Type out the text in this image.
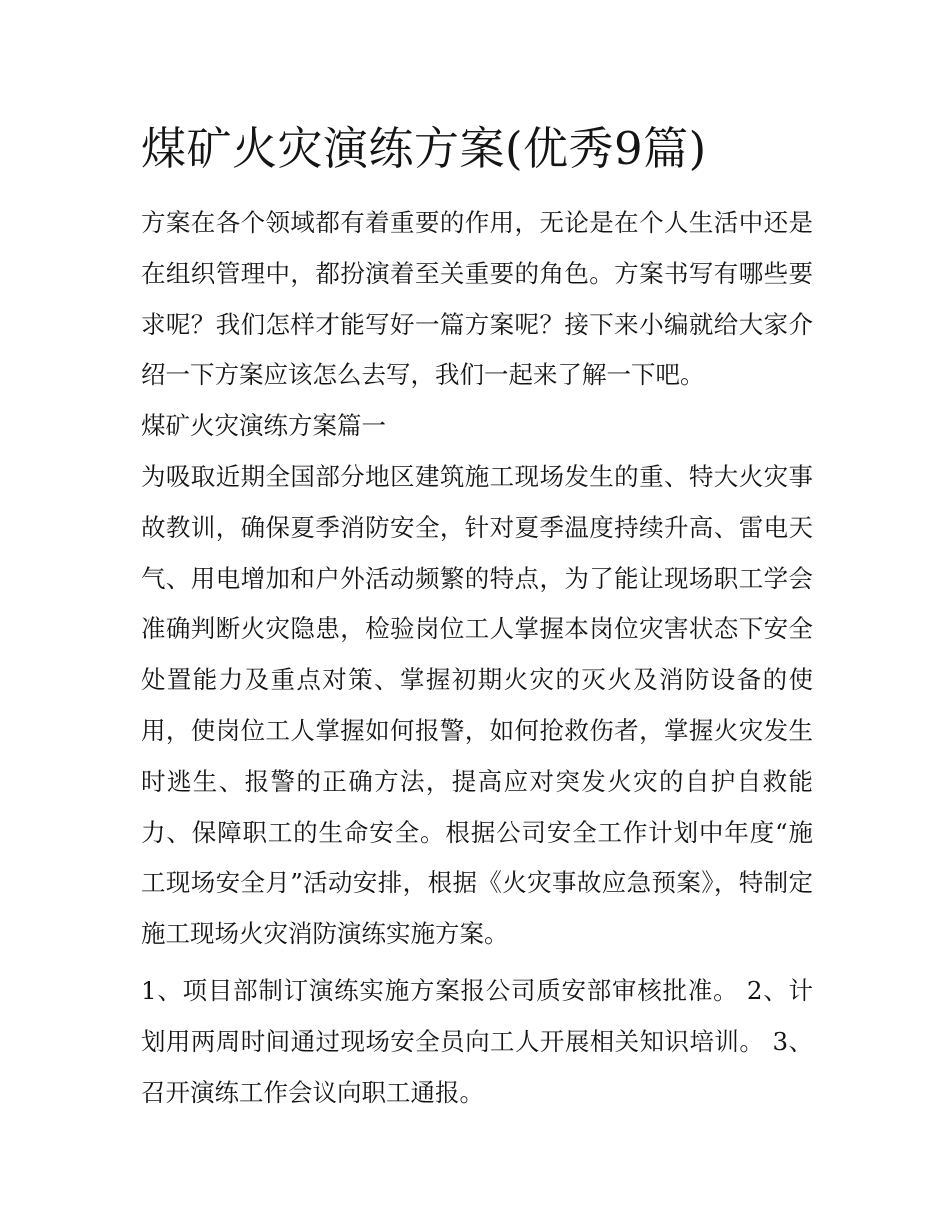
煤矿火灾演练方案(优秀9篇)

方案在各个领域都有着重要的作用，无论是在个人生活中还是在组织管理中，都扮演着至关重要的角色。方案书写有哪些要求呢？我们怎样才能写好一篇方案呢？接下来小编就给大家介绍一下方案应该怎么去写，我们一起来了解一下吧。

煤矿火灾演练方案篇一

为吸取近期全国部分地区建筑施工现场发生的重、特大火灾事故教训，确保夏季消防安全，针对夏季温度持续升高、雷电天气、用电增加和户外活动频繁的特点，为了能让现场职工学会准确判断火灾隐患，检验岗位工人掌握本岗位灾害状态下安全处置能力及重点对策、掌握初期火灾的灭火及消防设备的使用，使岗位工人掌握如何报警，如何抢救伤者，掌握火灾发生时逃生、报警的正确方法，提高应对突发火灾的自护自救能力、保障职工的生命安全。根据公司安全工作计划中年度“施工现场安全月”活动安排，根据《火灾事故应急预案》，特制定施工现场火灾消防演练实施方案。

1、项目部制订演练实施方案报公司质安部审核批准。 2、计划用两周时间通过现场安全员向工人开展相关知识培训。 3、召开演练工作会议向职工通报。
